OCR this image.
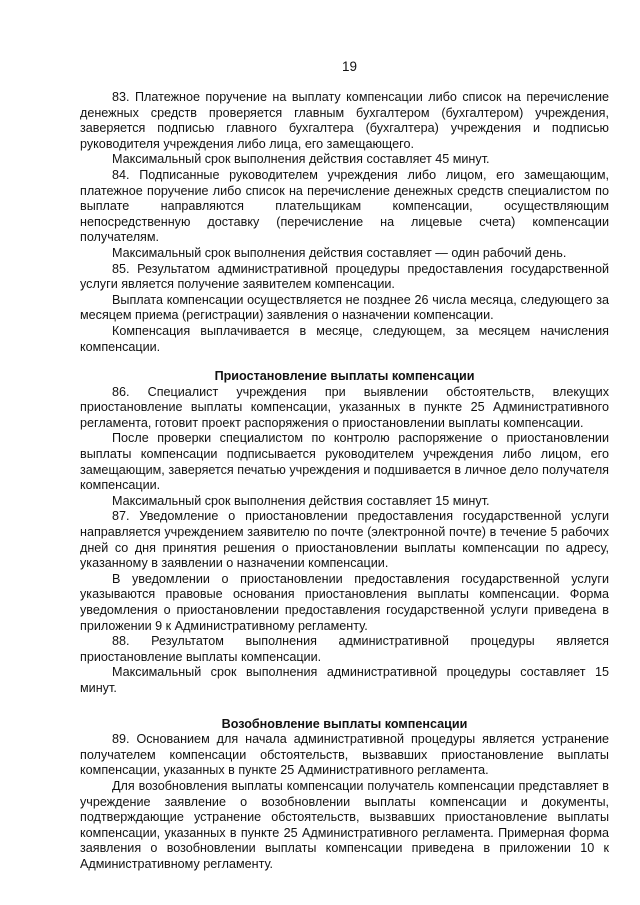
19

83. Платежное поручение на выплату компенсации либо список на перечисление денежных средств проверяется главным бухгалтером (бухгалтером) учреждения, заверяется подписью главного бухгалтера (бухгалтера) учреждения и подписью руководителя учреждения либо лица, его замещающего.

Максимальный срок выполнения действия составляет 45 минут.

84. Подписанные руководителем учреждения либо лицом, его замещающим, платежное поручение либо список на перечисление денежных средств специалистом по выплате направляются плательщикам компенсации, осуществляющим непосредственную доставку (перечисление на лицевые счета) компенсации получателям.

Максимальный срок выполнения действия составляет — один рабочий день.

85. Результатом административной процедуры предоставления государственной услуги является получение заявителем компенсации.

Выплата компенсации осуществляется не позднее 26 числа месяца, следующего за месяцем приема (регистрации) заявления о назначении компенсации.

Компенсация выплачивается в месяце, следующем, за месяцем начисления компенсации.

Приостановление выплаты компенсации

86. Специалист учреждения при выявлении обстоятельств, влекущих приостановление выплаты компенсации, указанных в пункте 25 Административного регламента, готовит проект распоряжения о приостановлении выплаты компенсации.

После проверки специалистом по контролю распоряжение о приостановлении выплаты компенсации подписывается руководителем учреждения либо лицом, его замещающим, заверяется печатью учреждения и подшивается в личное дело получателя компенсации.

Максимальный срок выполнения действия составляет 15 минут.

87. Уведомление о приостановлении предоставления государственной услуги направляется учреждением заявителю по почте (электронной почте) в течение 5 рабочих дней со дня принятия решения о приостановлении выплаты компенсации по адресу, указанному в заявлении о назначении компенсации.

В уведомлении о приостановлении предоставления государственной услуги указываются правовые основания приостановления выплаты компенсации. Форма уведомления о приостановлении предоставления государственной услуги приведена в приложении 9 к Административному регламенту.

88. Результатом выполнения административной процедуры является приостановление выплаты компенсации.

Максимальный срок выполнения административной процедуры составляет 15 минут.

Возобновление выплаты компенсации

89. Основанием для начала административной процедуры является устранение получателем компенсации обстоятельств, вызвавших приостановление выплаты компенсации, указанных в пункте 25 Административного регламента.

Для возобновления выплаты компенсации получатель компенсации представляет в учреждение заявление о возобновлении выплаты компенсации и документы, подтверждающие устранение обстоятельств, вызвавших приостановление выплаты компенсации, указанных в пункте 25 Административного регламента. Примерная форма заявления о возобновлении выплаты компенсации приведена в приложении 10 к Административному регламенту.
